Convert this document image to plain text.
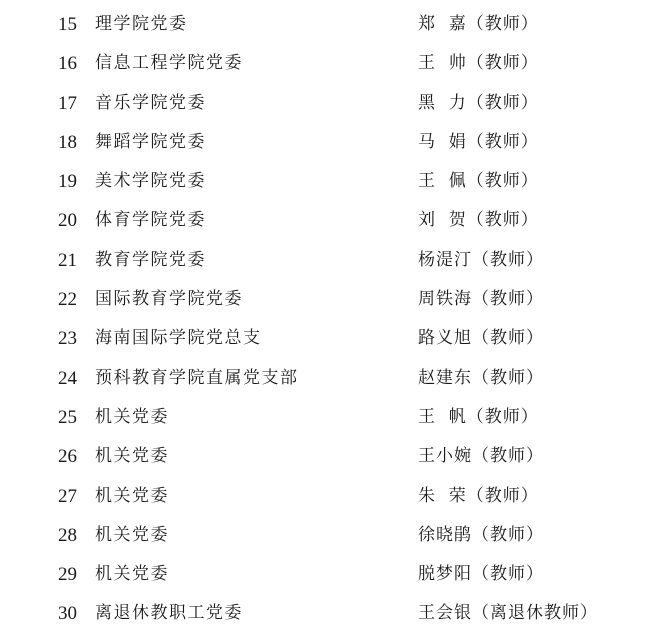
15 理学院党委	郑  嘉（教师）
16 信息工程学院党委	王  帅（教师）
17 音乐学院党委	黑  力（教师）
18 舞蹈学院党委	马  娟（教师）
19 美术学院党委	王  佩（教师）
20 体育学院党委	刘  贺（教师）
21 教育学院党委	杨湜汀（教师）
22 国际教育学院党委	周铁海（教师）
23 海南国际学院党总支	路义旭（教师）
24 预科教育学院直属党支部	赵建东（教师）
25 机关党委	王  帆（教师）
26 机关党委	王小婉（教师）
27 机关党委	朱  荣（教师）
28 机关党委	徐晓鹃（教师）
29 机关党委	脱梦阳（教师）
30 离退休教职工党委	王会银（离退休教师）
